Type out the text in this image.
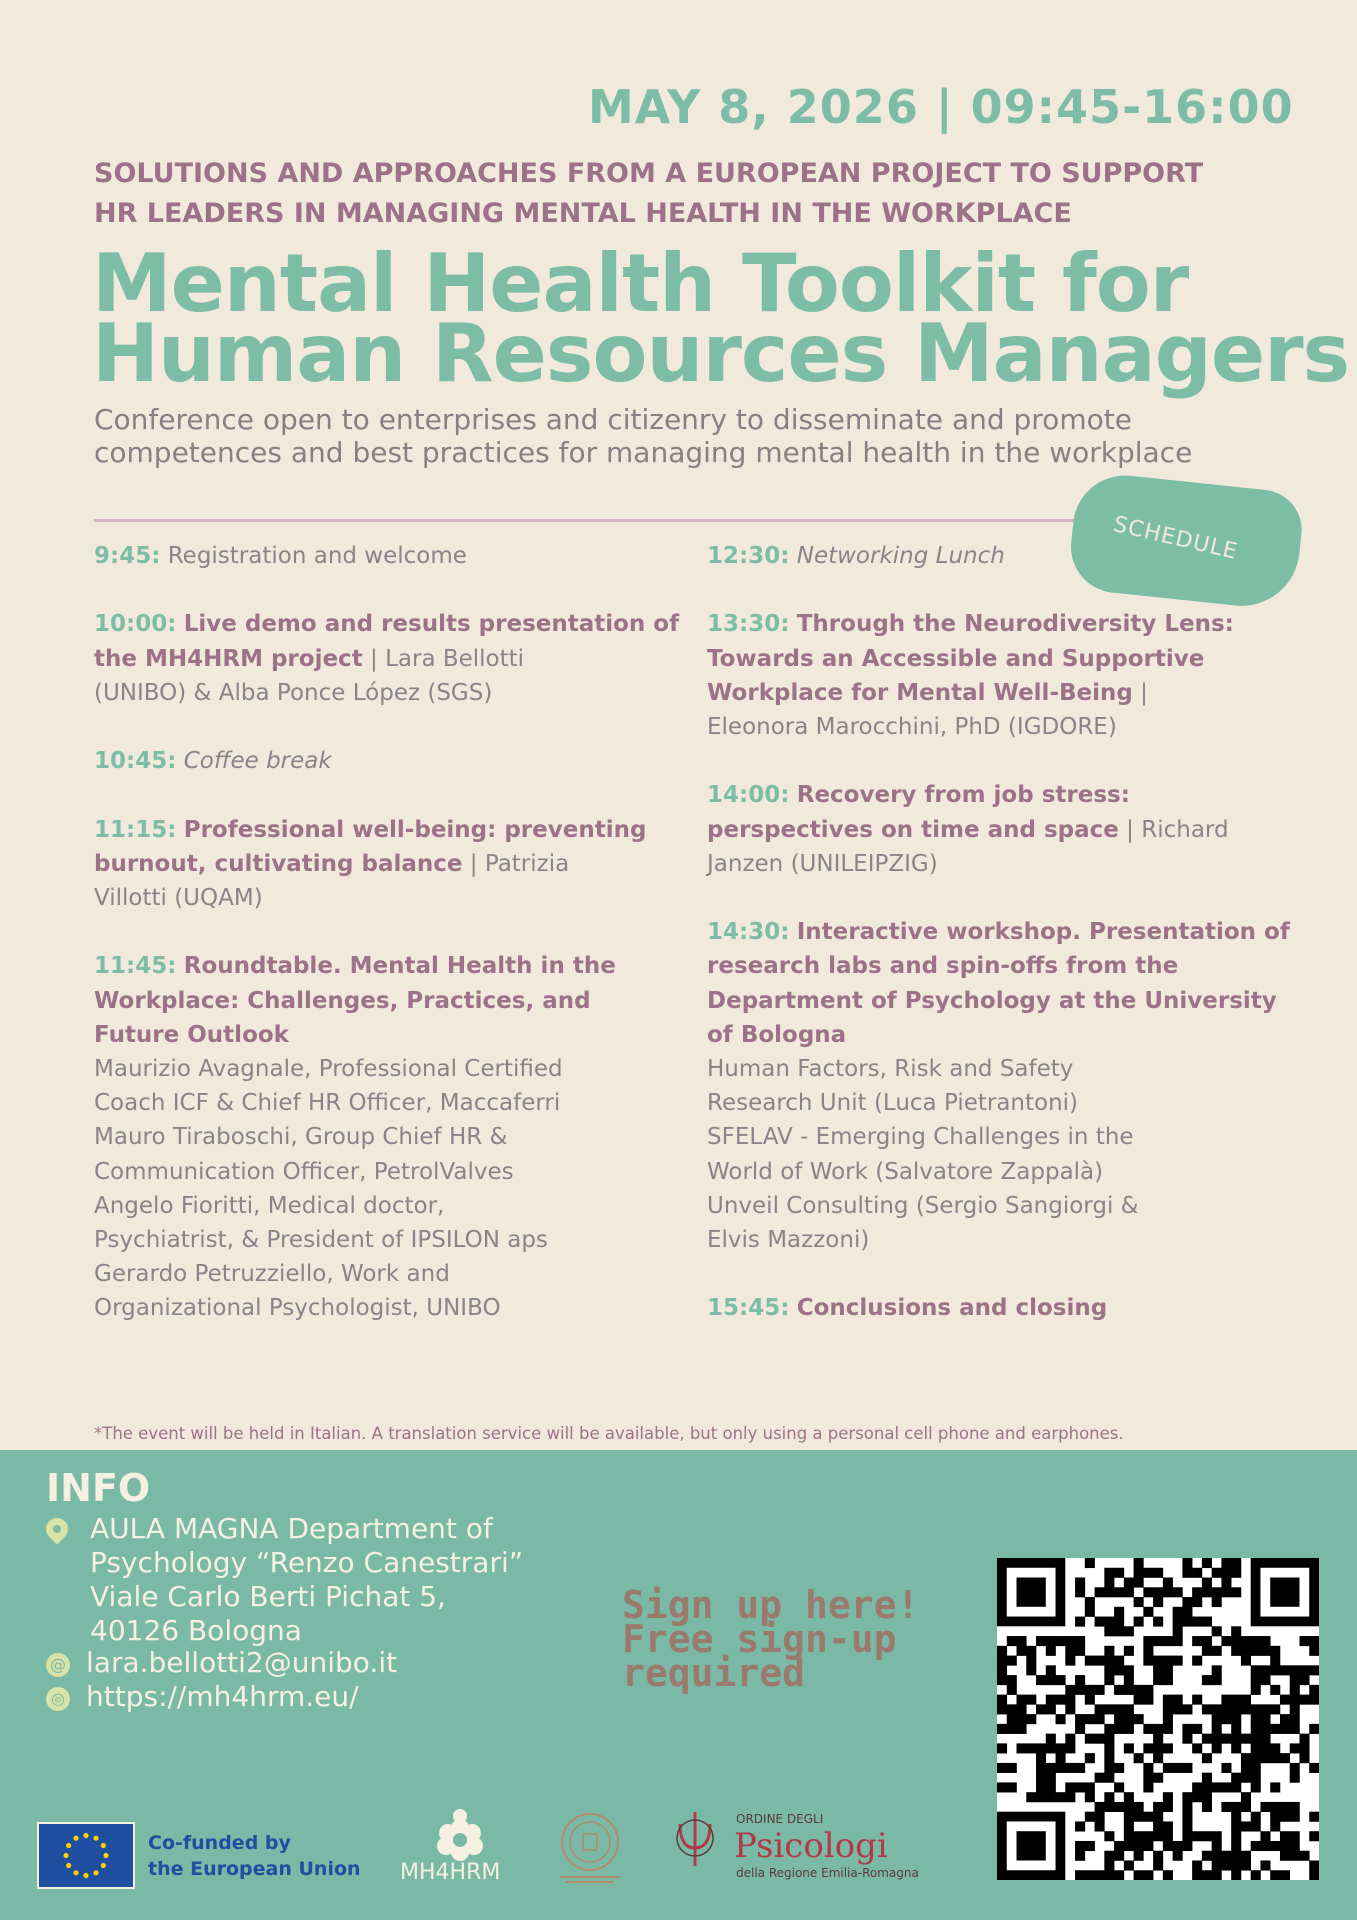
MAY 8, 2026 | 09:45-16:00
SOLUTIONS AND APPROACHES FROM A EUROPEAN PROJECT TO SUPPORT
HR LEADERS IN MANAGING MENTAL HEALTH IN THE WORKPLACE
Mental Health Toolkit for
Human Resources Managers
Conference open to enterprises and citizenry to disseminate and promote
competences and best practices for managing mental health in the workplace
SCHEDULE
9:45: Registration and welcome
10:00: Live demo and results presentation of
the MH4HRM project | Lara Bellotti
(UNIBO) & Alba Ponce López (SGS)
10:45: Coffee break
11:15: Professional well-being: preventing
burnout, cultivating balance | Patrizia
Villotti (UQAM)
11:45: Roundtable. Mental Health in the
Workplace: Challenges, Practices, and
Future Outlook
Maurizio Avagnale, Professional Certified
Coach ICF & Chief HR Officer, Maccaferri
Mauro Tiraboschi, Group Chief HR &
Communication Officer, PetrolValves
Angelo Fioritti, Medical doctor,
Psychiatrist, & President of IPSILON aps
Gerardo Petruzziello, Work and
Organizational Psychologist, UNIBO
12:30: Networking Lunch
13:30: Through the Neurodiversity Lens:
Towards an Accessible and Supportive
Workplace for Mental Well-Being |
Eleonora Marocchini, PhD (IGDORE)
14:00: Recovery from job stress:
perspectives on time and space | Richard
Janzen (UNILEIPZIG)
14:30: Interactive workshop. Presentation of
research labs and spin-offs from the
Department of Psychology at the University
of Bologna
Human Factors, Risk and Safety
Research Unit (Luca Pietrantoni)
SFELAV - Emerging Challenges in the
World of Work (Salvatore Zappalà)
Unveil Consulting (Sergio Sangiorgi &
Elvis Mazzoni)
15:45: Conclusions and closing
*The event will be held in Italian. A translation service will be available, but only using a personal cell phone and earphones.
INFO
AULA MAGNA Department of
Psychology “Renzo Canestrari”
Viale Carlo Berti Pichat 5,
40126 Bologna
@ lara.bellotti2@unibo.it
◎ https://mh4hrm.eu/
Sign up here!
Free sign-up
required
Co-funded by
the European Union MH4HRM
ORDINE DEGLI
Psicologi
della Regione Emilia-Romagna
